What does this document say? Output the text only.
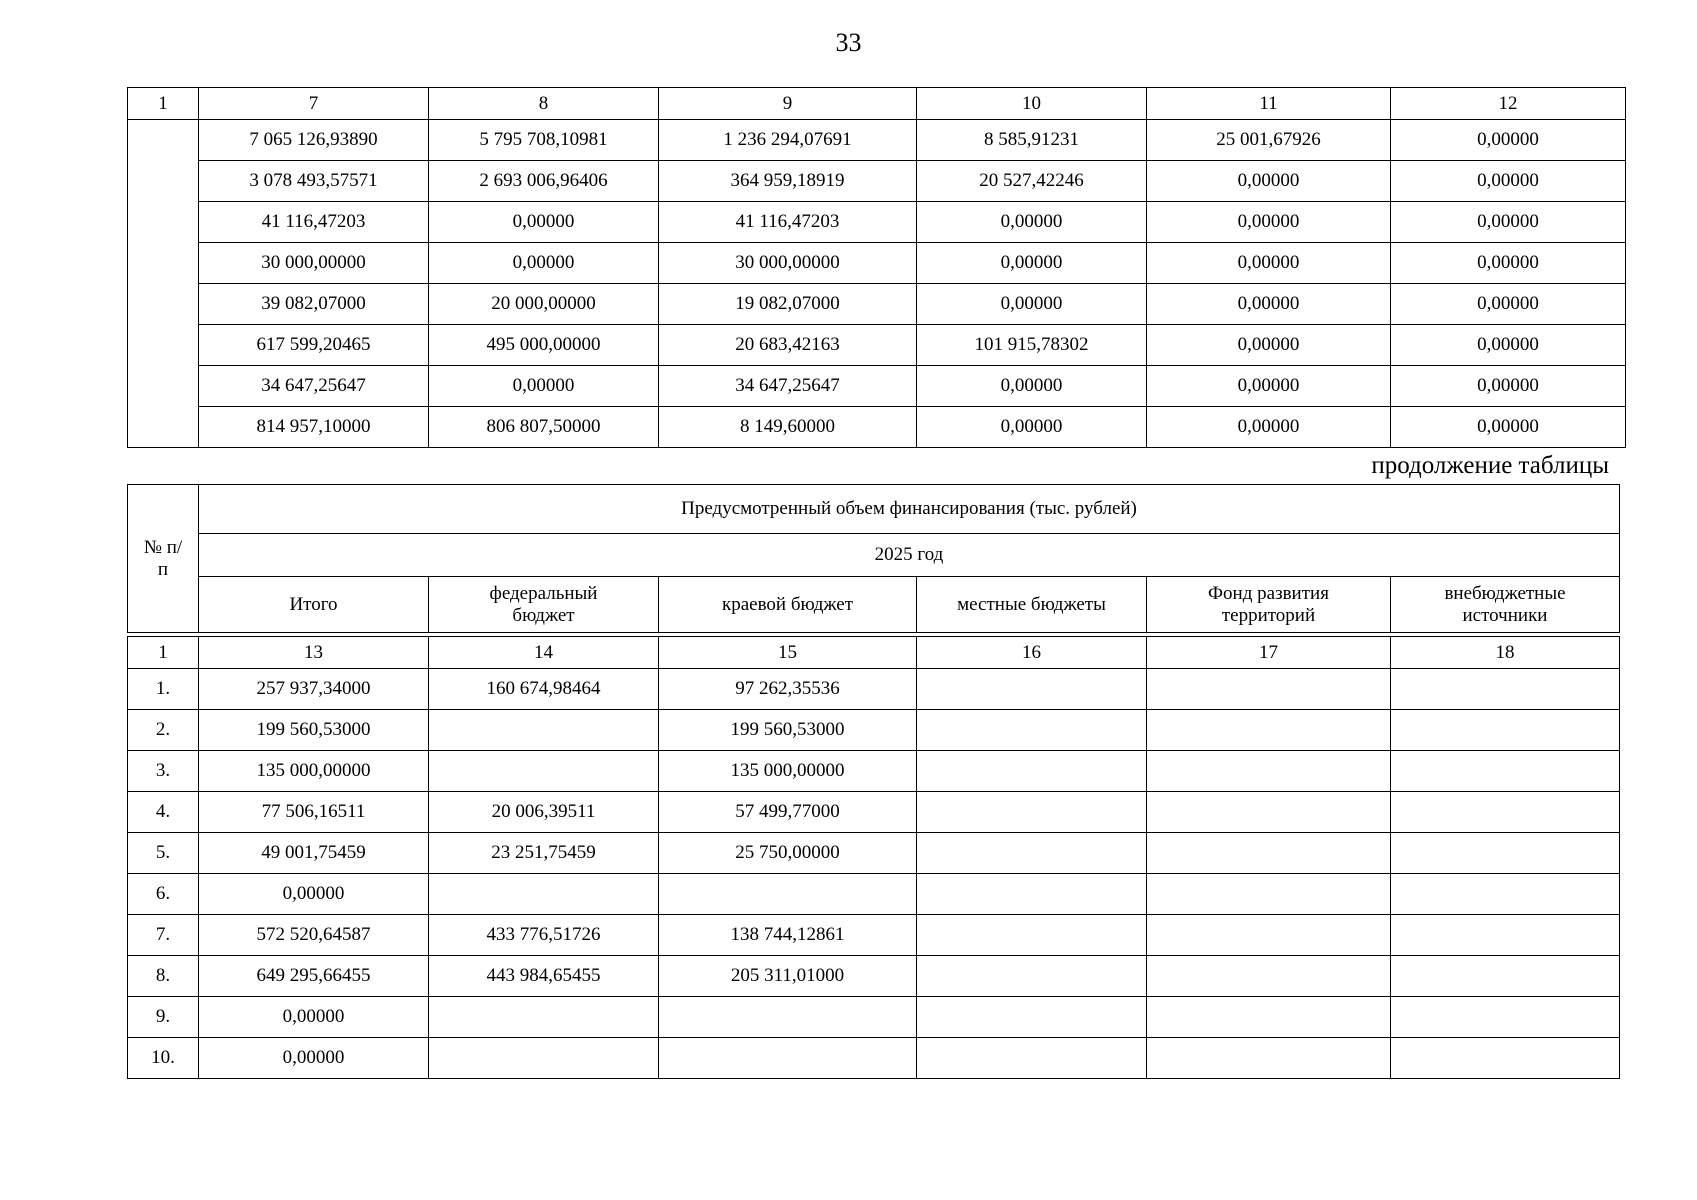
33
1	7	8	9	10	11	12
	7 065 126,93890	5 795 708,10981	1 236 294,07691	8 585,91231	25 001,67926	0,00000
	3 078 493,57571	2 693 006,96406	364 959,18919	20 527,42246	0,00000	0,00000
	41 116,47203	0,00000	41 116,47203	0,00000	0,00000	0,00000
	30 000,00000	0,00000	30 000,00000	0,00000	0,00000	0,00000
	39 082,07000	20 000,00000	19 082,07000	0,00000	0,00000	0,00000
	617 599,20465	495 000,00000	20 683,42163	101 915,78302	0,00000	0,00000
	34 647,25647	0,00000	34 647,25647	0,00000	0,00000	0,00000
	814 957,10000	806 807,50000	8 149,60000	0,00000	0,00000	0,00000
продолжение таблицы
№ п/п	Предусмотренный объем финансирования (тыс. рублей)					
	2025 год					
	Итого	федеральный бюджет	краевой бюджет	местные бюджеты	Фонд развития территорий	внебюджетные источники

1	13	14	15	16	17	18
1.	257 937,34000	160 674,98464	97 262,35536			
2.	199 560,53000		199 560,53000			
3.	135 000,00000		135 000,00000			
4.	77 506,16511	20 006,39511	57 499,77000			
5.	49 001,75459	23 251,75459	25 750,00000			
6.	0,00000					
7.	572 520,64587	433 776,51726	138 744,12861			
8.	649 295,66455	443 984,65455	205 311,01000			
9.	0,00000					
10.	0,00000					
